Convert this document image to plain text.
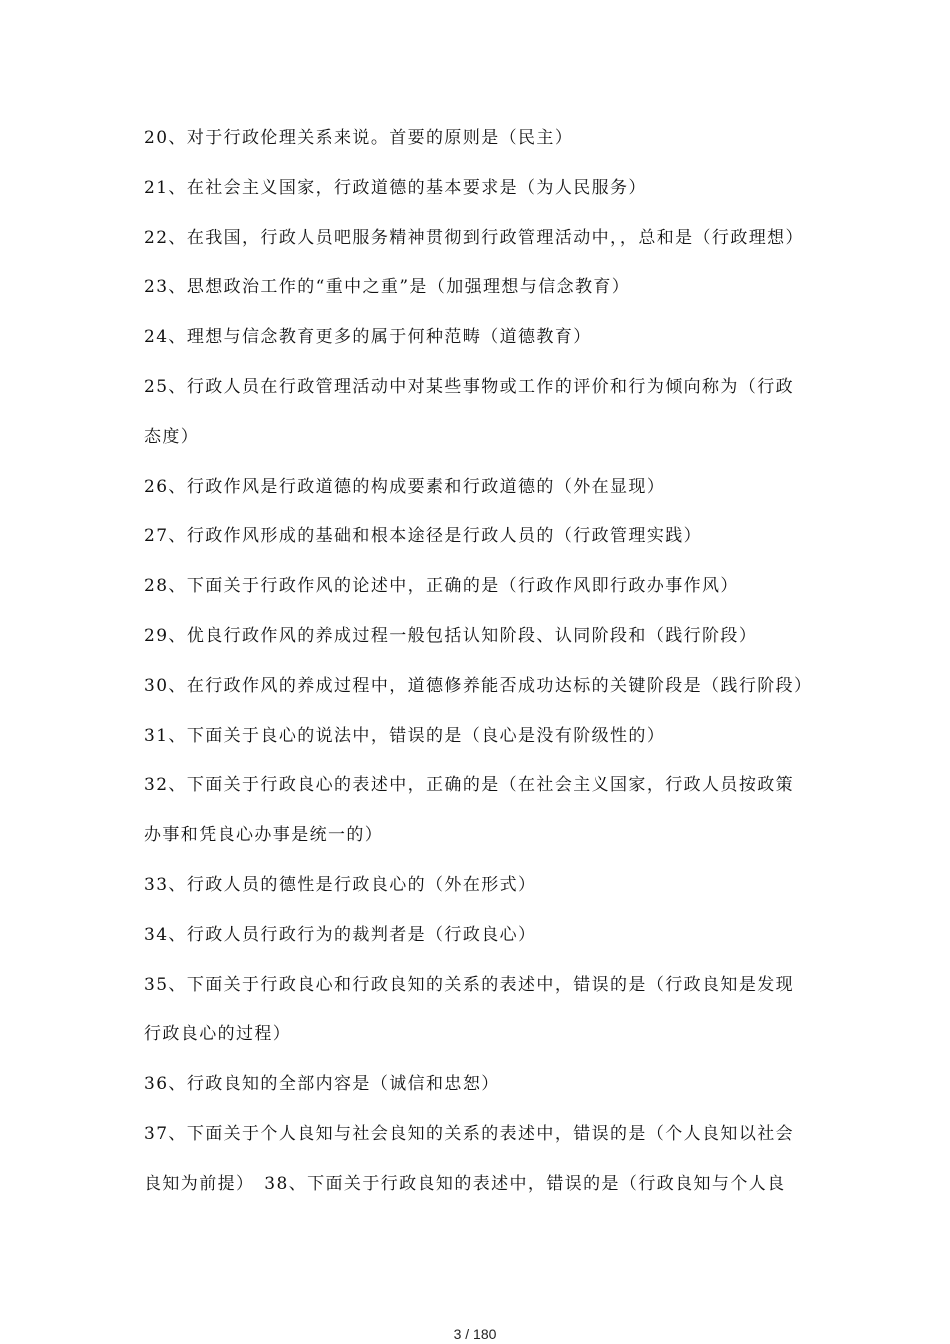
20、对于行政伦理关系来说。首要的原则是（民主）
21、在社会主义国家，行政道德的基本要求是（为人民服务）
22、在我国，行政人员吧服务精神贯彻到行政管理活动中，，总和是（行政理想）
23、思想政治工作的“重中之重”是（加强理想与信念教育）
24、理想与信念教育更多的属于何种范畴（道德教育）
25、行政人员在行政管理活动中对某些事物或工作的评价和行为倾向称为（行政
态度）
26、行政作风是行政道德的构成要素和行政道德的（外在显现）
27、行政作风形成的基础和根本途径是行政人员的（行政管理实践）
28、下面关于行政作风的论述中，正确的是（行政作风即行政办事作风）
29、优良行政作风的养成过程一般包括认知阶段、认同阶段和（践行阶段）
30、在行政作风的养成过程中，道德修养能否成功达标的关键阶段是（践行阶段）
31、下面关于良心的说法中，错误的是（良心是没有阶级性的）
32、下面关于行政良心的表述中，正确的是（在社会主义国家，行政人员按政策
办事和凭良心办事是统一的）
33、行政人员的德性是行政良心的（外在形式）
34、行政人员行政行为的裁判者是（行政良心）
35、下面关于行政良心和行政良知的关系的表述中，错误的是（行政良知是发现
行政良心的过程）
36、行政良知的全部内容是（诚信和忠恕）
37、下面关于个人良知与社会良知的关系的表述中，错误的是（个人良知以社会
良知为前提）　38、下面关于行政良知的表述中，错误的是（行政良知与个人良
3 / 180
